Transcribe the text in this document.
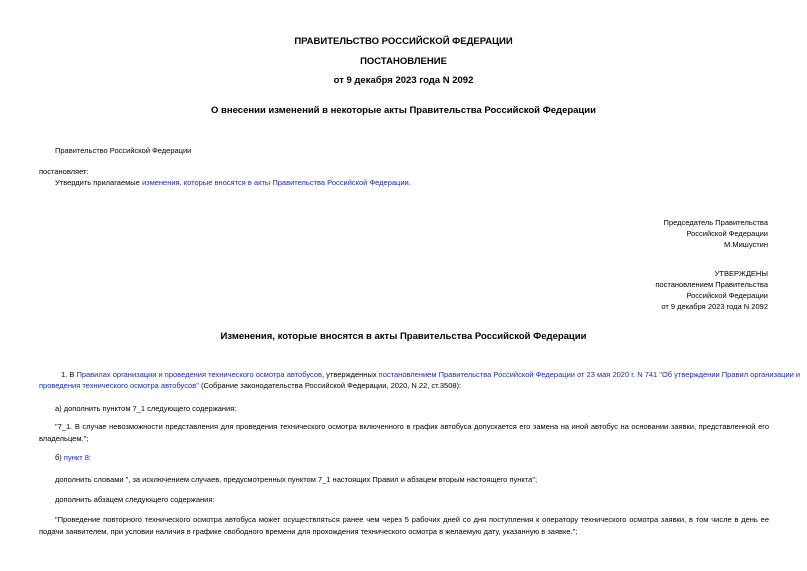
ПРАВИТЕЛЬСТВО РОССИЙСКОЙ ФЕДЕРАЦИИ
ПОСТАНОВЛЕНИЕ
от 9 декабря 2023 года N 2092
О внесении изменений в некоторые акты Правительства Российской Федерации
Правительство Российской Федерации
постановляет:
Утвердить прилагаемые изменения, которые вносятся в акты Правительства Российской Федерации.
Председатель Правительства
Российской Федерации
М.Мишустин
УТВЕРЖДЕНЫ
постановлением Правительства
Российской Федерации
от 9 декабря 2023 года N 2092
Изменения, которые вносятся в акты Правительства Российской Федерации
1. В Правилах организации и проведения технического осмотра автобусов, утвержденных постановлением Правительства Российской Федерации от 23 мая 2020 г. N 741 "Об утверждении Правил организации и
проведения технического осмотра автобусов" (Собрание законодательства Российской Федерации, 2020, N 22, ст.3508):
а) дополнить пунктом 7_1 следующего содержания:
"7_1. В случае невозможности представления для проведения технического осмотра включенного в график автобуса допускается его замена на иной автобус на основании заявки, представленной его владельцем.";
б) пункт 8:
дополнить словами ", за исключением случаев, предусмотренных пунктом 7_1 настоящих Правил и абзацем вторым настоящего пункта";
дополнить абзацем следующего содержания:
"Проведение повторного технического осмотра автобуса может осуществляться ранее чем через 5 рабочих дней со дня поступления к оператору технического осмотра заявки, в том числе в день ее подачи заявителем, при условии наличия в графике свободного времени для прохождения технического осмотра в желаемую дату, указанную в заявке.";
